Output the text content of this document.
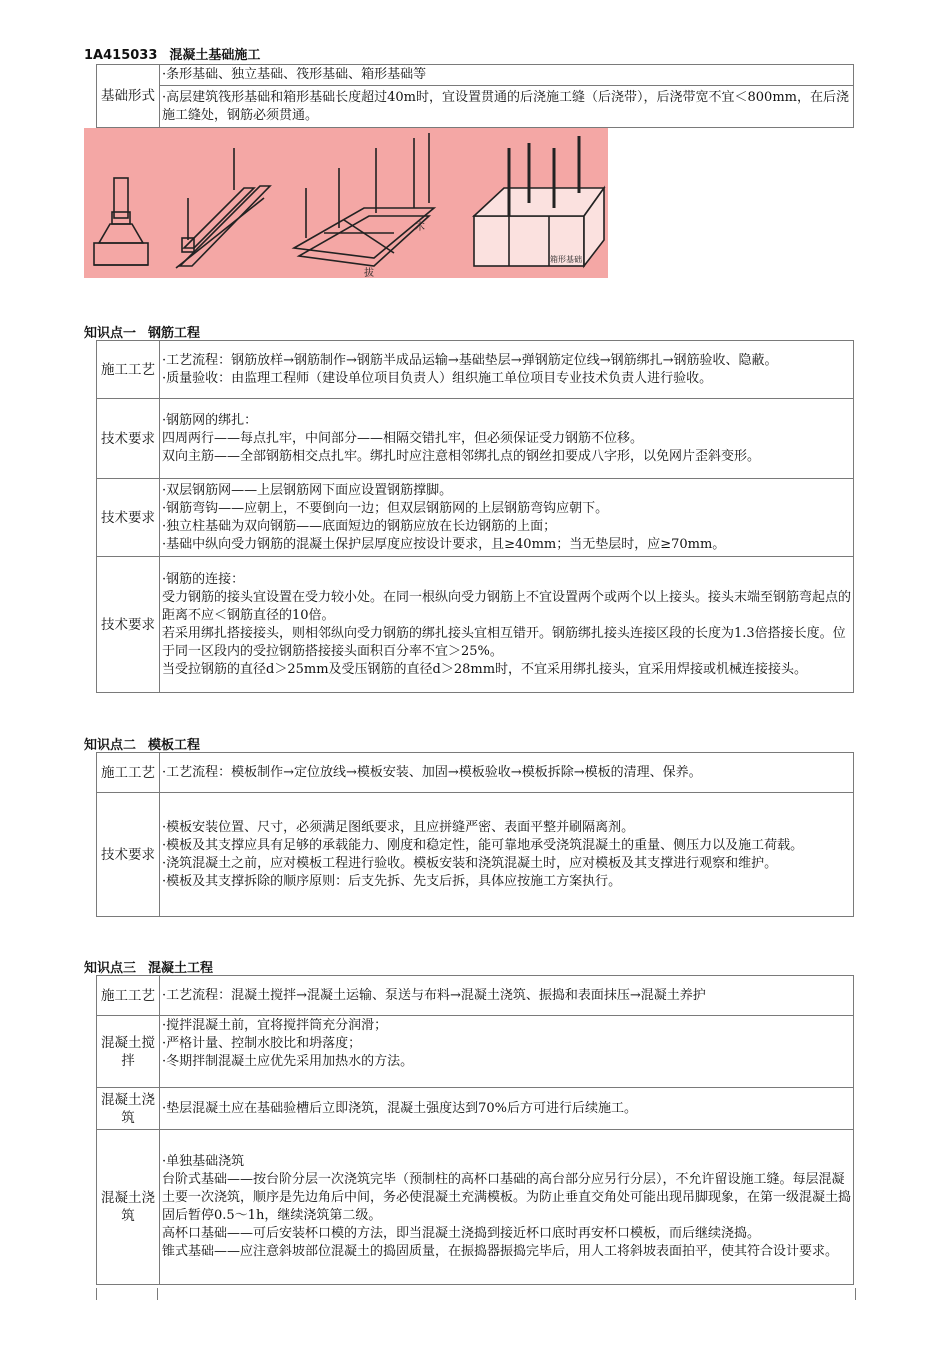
1A415033 混凝土基础施工
基础形式	·条形基础、独立基础、筏形基础、箱形基础等
·高层建筑筏形基础和箱形基础长度超过40m时，宜设置贯通的后浇施工缝（后浇带），后浇带宽不宜＜800mm，在后浇施工缝处，钢筋必须贯通。
木
拔
箱形基础
知识点一 钢筋工程
施工工艺	·工艺流程：钢筋放样→钢筋制作→钢筋半成品运输→基础垫层→弹钢筋定位线→钢筋绑扎→钢筋验收、隐蔽。

·质量验收：由监理工程师（建设单位项目负责人）组织施工单位项目专业技术负责人进行验收。

技术要求	·钢筋网的绑扎：

四周两行——每点扎牢，中间部分——相隔交错扎牢，但必须保证受力钢筋不位移。

双向主筋——全部钢筋相交点扎牢。绑扎时应注意相邻绑扎点的钢丝扣要成八字形，以免网片歪斜变形。

技术要求	·双层钢筋网——上层钢筋网下面应设置钢筋撑脚。

·钢筋弯钩——应朝上，不要倒向一边；但双层钢筋网的上层钢筋弯钩应朝下。

·独立柱基础为双向钢筋——底面短边的钢筋应放在长边钢筋的上面；

·基础中纵向受力钢筋的混凝土保护层厚度应按设计要求，且≥40mm；当无垫层时，应≥70mm。

技术要求	·钢筋的连接：

受力钢筋的接头宜设置在受力较小处。在同一根纵向受力钢筋上不宜设置两个或两个以上接头。接头末端至钢筋弯起点的距离不应＜钢筋直径的10倍。

若采用绑扎搭接接头，则相邻纵向受力钢筋的绑扎接头宜相互错开。钢筋绑扎接头连接区段的长度为1.3倍搭接长度。位于同一区段内的受拉钢筋搭接接头面积百分率不宜＞25%。

当受拉钢筋的直径d＞25mm及受压钢筋的直径d＞28mm时，不宜采用绑扎接头，宜采用焊接或机械连接接头。

知识点二 模板工程
施工工艺	·工艺流程：模板制作→定位放线→模板安装、加固→模板验收→模板拆除→模板的清理、保养。

技术要求	·模板安装位置、尺寸，必须满足图纸要求，且应拼缝严密、表面平整并刷隔离剂。

·模板及其支撑应具有足够的承载能力、刚度和稳定性，能可靠地承受浇筑混凝土的重量、侧压力以及施工荷载。

·浇筑混凝土之前，应对模板工程进行验收。模板安装和浇筑混凝土时，应对模板及其支撑进行观察和维护。

·模板及其支撑拆除的顺序原则：后支先拆、先支后拆，具体应按施工方案执行。

知识点三 混凝土工程
施工工艺	·工艺流程：混凝土搅拌→混凝土运输、泵送与布料→混凝土浇筑、振捣和表面抹压→混凝土养护

混凝土搅拌	·搅拌混凝土前，宜将搅拌筒充分润滑；

·严格计量、控制水胶比和坍落度；

·冬期拌制混凝土应优先采用加热水的方法。

混凝土浇筑	·垫层混凝土应在基础验槽后立即浇筑，混凝土强度达到70%后方可进行后续施工。

混凝土浇筑	·单独基础浇筑

台阶式基础——按台阶分层一次浇筑完毕（预制柱的高杯口基础的高台部分应另行分层），不允许留设施工缝。每层混凝土要一次浇筑，顺序是先边角后中间，务必使混凝土充满模板。为防止垂直交角处可能出现吊脚现象，在第一级混凝土捣固后暂停0.5～1h，继续浇筑第二级。

高杯口基础——可后安装杯口模的方法，即当混凝土浇捣到接近杯口底时再安杯口模板，而后继续浇捣。

锥式基础——应注意斜坡部位混凝土的捣固质量，在振捣器振捣完毕后，用人工将斜坡表面拍平，使其符合设计要求。
